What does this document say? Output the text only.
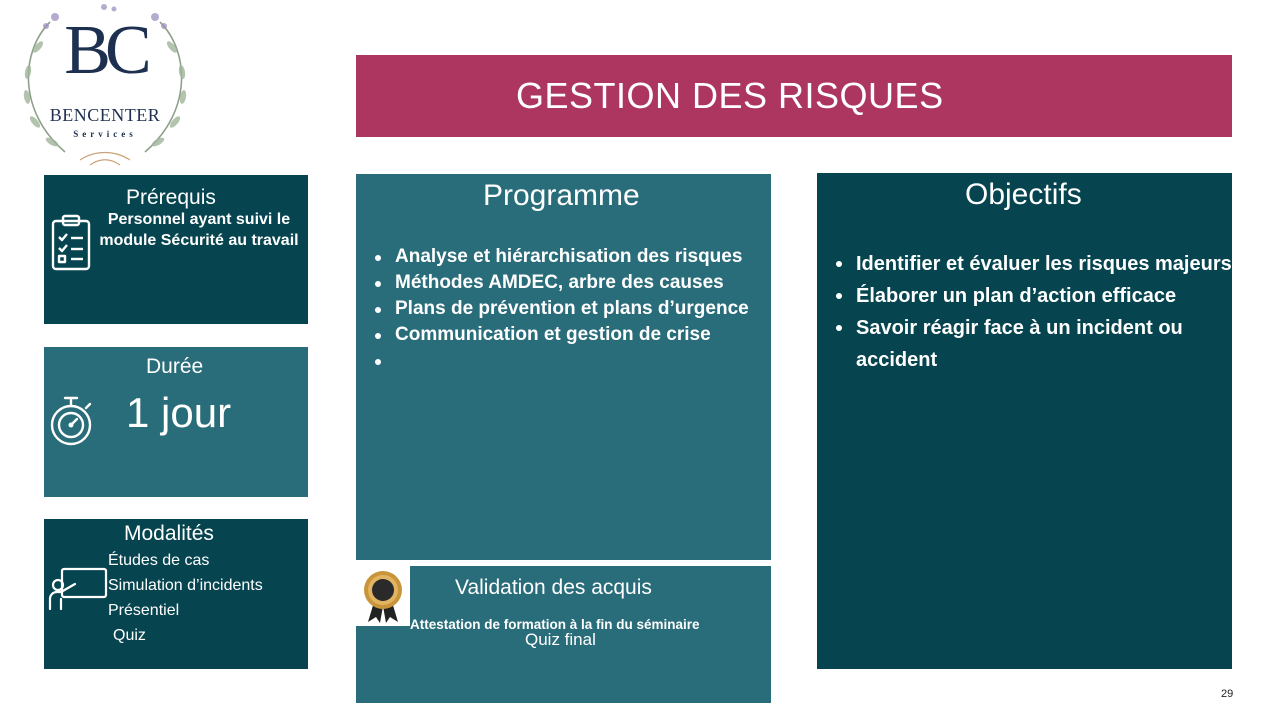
BC
BENCENTER
Services
GESTION DES RISQUES
Prérequis
Personnel ayant suivi le module Sécurité au travail
Durée
1 jour
Modalités
Études de cas
Simulation d’incidents
Présentiel
Quiz
Programme
Analyse et hiérarchisation des risques
Méthodes AMDEC, arbre des causes
Plans de prévention et plans d’urgence
Communication et gestion de crise
Validation des acquis
Attestation de formation à la fin du séminaire
Quiz final
Objectifs
Identifier et évaluer les risques majeurs
Élaborer un plan d’action efficace
Savoir réagir face à un incident ou accident
29
